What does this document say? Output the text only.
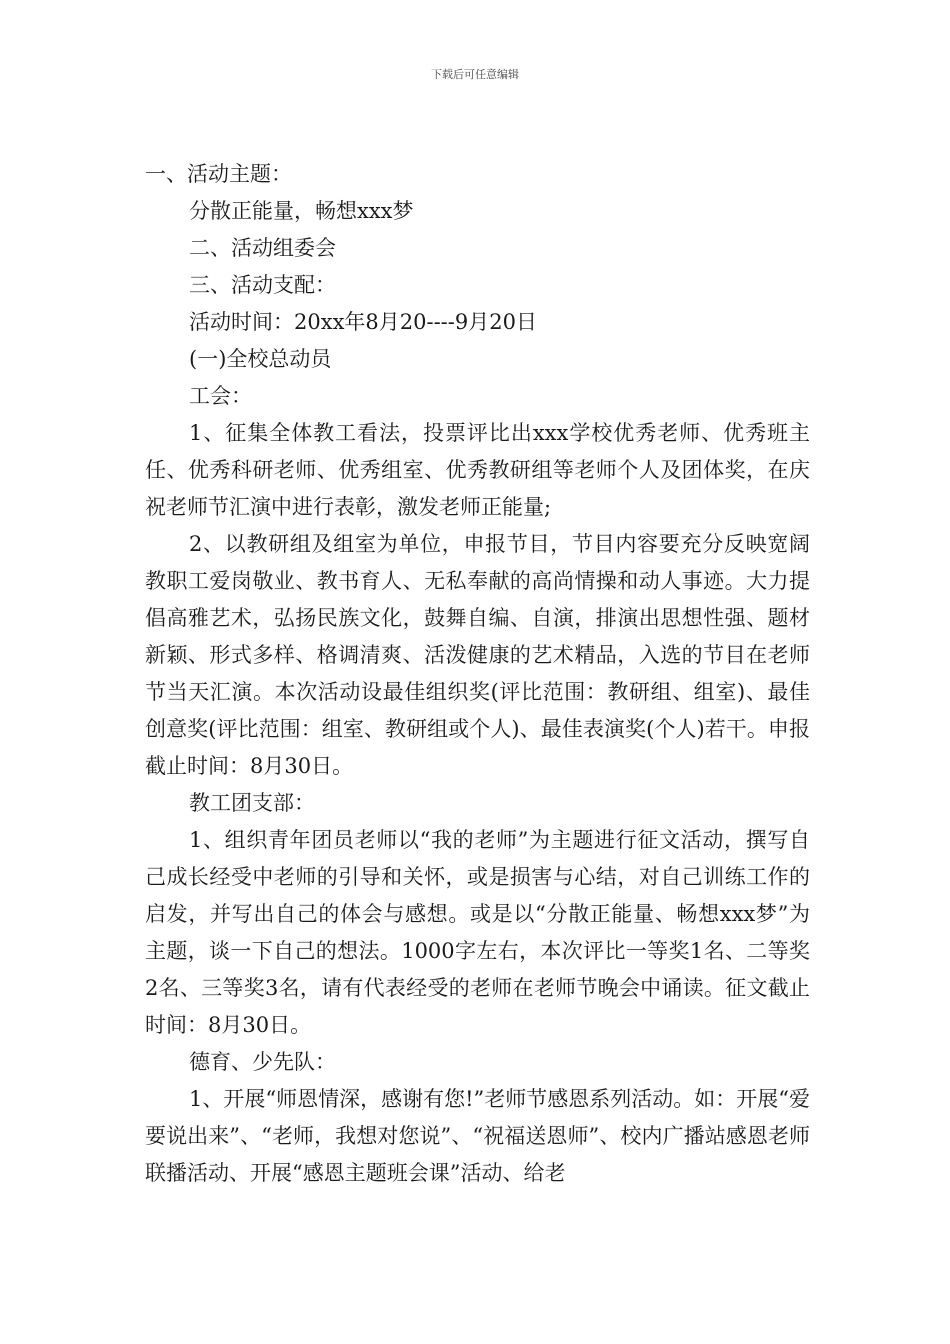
下载后可任意编辑

一、活动主题：

分散正能量，畅想xxx梦

二、活动组委会

三、活动支配：

活动时间：20xx年8月20----9月20日

(一)全校总动员

工会：

1、征集全体教工看法，投票评比出xxx学校优秀老师、优秀班主任、优秀科研老师、优秀组室、优秀教研组等老师个人及团体奖，在庆祝老师节汇演中进行表彰，激发老师正能量;

2、以教研组及组室为单位，申报节目，节目内容要充分反映宽阔教职工爱岗敬业、教书育人、无私奉献的高尚情操和动人事迹。大力提倡高雅艺术，弘扬民族文化，鼓舞自编、自演，排演出思想性强、题材新颖、形式多样、格调清爽、活泼健康的艺术精品，入选的节目在老师节当天汇演。本次活动设最佳组织奖(评比范围：教研组、组室)、最佳创意奖(评比范围：组室、教研组或个人)、最佳表演奖(个人)若干。申报截止时间：8月30日。

教工团支部：

1、组织青年团员老师以“我的老师”为主题进行征文活动，撰写自己成长经受中老师的引导和关怀，或是损害与心结，对自己训练工作的启发，并写出自己的体会与感想。或是以“分散正能量、畅想xxx梦”为主题，谈一下自己的想法。1000字左右，本次评比一等奖1名、二等奖2名、三等奖3名，请有代表经受的老师在老师节晚会中诵读。征文截止时间：8月30日。

德育、少先队：

1、开展“师恩情深，感谢有您!”老师节感恩系列活动。如：开展“爱要说出来”、“老师，我想对您说”、“祝福送恩师”、校内广播站感恩老师联播活动、开展“感恩主题班会课”活动、给老
